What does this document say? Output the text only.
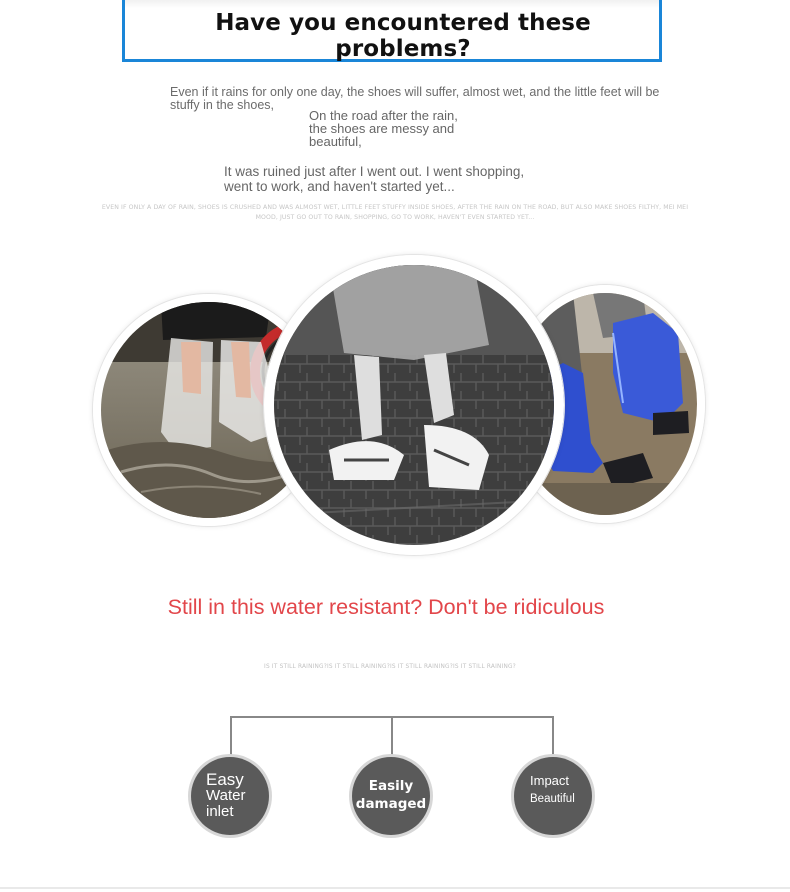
Have you encountered these problems?
Even if it rains for only one day, the shoes will suffer, almost wet, and the little feet will be stuffy in the shoes,
On the road after the rain, the shoes are messy and beautiful,
It was ruined just after I went out. I went shopping, went to work, and haven't started yet...
EVEN IF ONLY A DAY OF RAIN, SHOES IS CRUSHED AND WAS ALMOST WET, LITTLE FEET STUFFY INSIDE SHOES, AFTER THE RAIN ON THE ROAD, BUT ALSO MAKE SHOES FILTHY, MEI MEI MOOD, JUST GO OUT TO RAIN, SHOPPING, GO TO WORK, HAVEN'T EVEN STARTED YET...
Still in this water resistant? Don't be ridiculous
IS IT STILL RAINING?IS IT STILL RAINING?IS IT STILL RAINING?IS IT STILL RAINING?
Easy
Water
inlet
Easily
damaged
Impact
Beautiful
